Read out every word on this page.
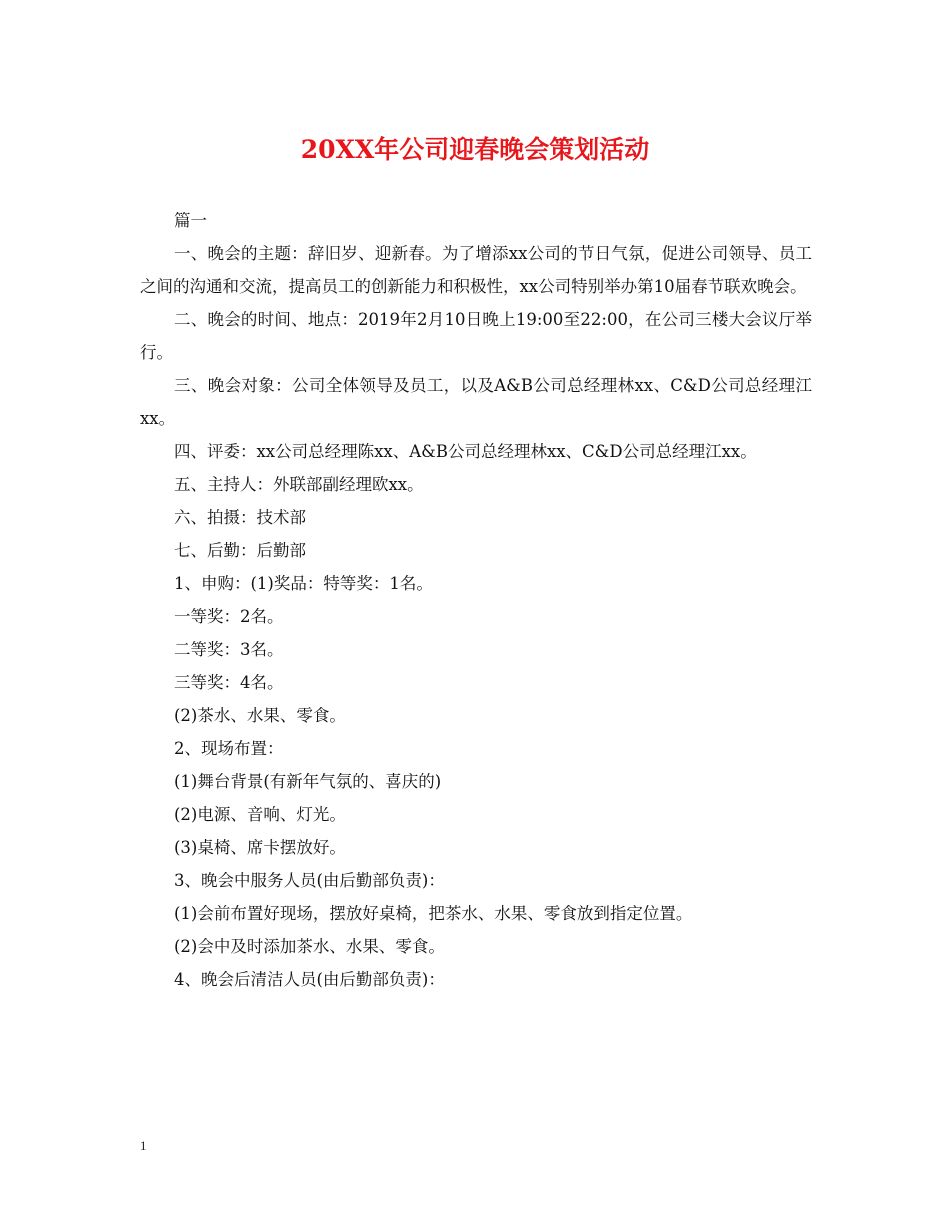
20XX年公司迎春晚会策划活动

篇一

一、晚会的主题：辞旧岁、迎新春。为了增添xx公司的节日气氛，促进公司领导、员工之间的沟通和交流，提高员工的创新能力和积极性，xx公司特别举办第10届春节联欢晚会。

二、晚会的时间、地点：2019年2月10日晚上19:00至22:00，在公司三楼大会议厅举行。

三、晚会对象：公司全体领导及员工，以及A&B公司总经理林xx、C&D公司总经理江xx。

四、评委：xx公司总经理陈xx、A&B公司总经理林xx、C&D公司总经理江xx。

五、主持人：外联部副经理欧xx。

六、拍摄：技术部

七、后勤：后勤部

1、申购：(1)奖品：特等奖：1名。

一等奖：2名。

二等奖：3名。

三等奖：4名。

(2)茶水、水果、零食。

2、现场布置：

(1)舞台背景(有新年气氛的、喜庆的)

(2)电源、音响、灯光。

(3)桌椅、席卡摆放好。

3、晚会中服务人员(由后勤部负责)：

(1)会前布置好现场，摆放好桌椅，把茶水、水果、零食放到指定位置。

(2)会中及时添加茶水、水果、零食。

4、晚会后清洁人员(由后勤部负责)：

1
